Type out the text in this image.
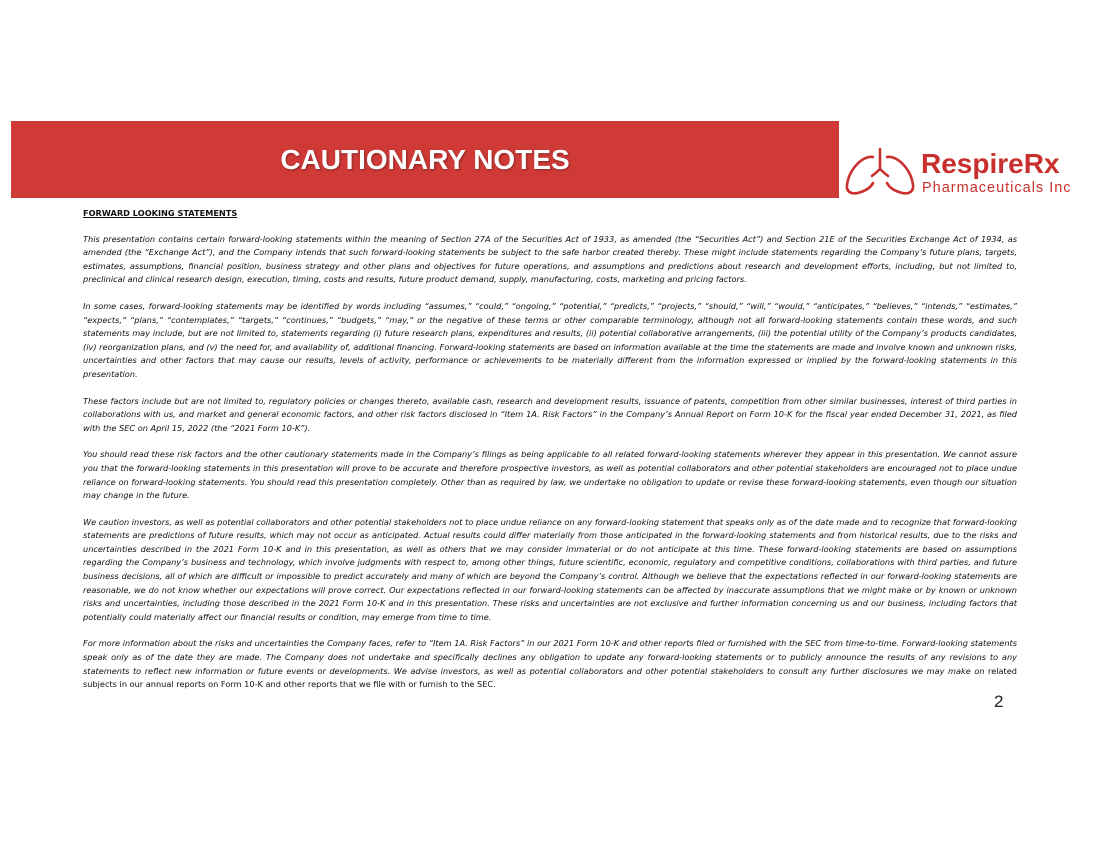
CAUTIONARY NOTES	RespireRx
Pharmaceuticals Inc
FORWARD LOOKING STATEMENTS

This presentation contains certain forward-looking statements within the meaning of Section 27A of the Securities Act of 1933, as amended (the “Securities Act”) and Section 21E of the Securities Exchange Act of 1934, as amended (the “Exchange Act”), and the Company intends that such forward-looking statements be subject to the safe harbor created thereby. These might include statements regarding the Company’s future plans, targets, estimates, assumptions, financial position, business strategy and other plans and objectives for future operations, and assumptions and predictions about research and development efforts, including, but not limited to, preclinical and clinical research design, execution, timing, costs and results, future product demand, supply, manufacturing, costs, marketing and pricing factors.

In some cases, forward-looking statements may be identified by words including “assumes,” “could,” “ongoing,” “potential,” “predicts,” “projects,” “should,” “will,” “would,” “anticipates,” “believes,” “intends,” “estimates,” “expects,” “plans,” “contemplates,” “targets,” “continues,” “budgets,” “may,” or the negative of these terms or other comparable terminology, although not all forward-looking statements contain these words, and such statements may include, but are not limited to, statements regarding (i) future research plans, expenditures and results, (ii) potential collaborative arrangements, (iii) the potential utility of the Company’s products candidates, (iv) reorganization plans, and (v) the need for, and availability of, additional financing. Forward-looking statements are based on information available at the time the statements are made and involve known and unknown risks, uncertainties and other factors that may cause our results, levels of activity, performance or achievements to be materially different from the information expressed or implied by the forward-looking statements in this presentation.

These factors include but are not limited to, regulatory policies or changes thereto, available cash, research and development results, issuance of patents, competition from other similar businesses, interest of third parties in collaborations with us, and market and general economic factors, and other risk factors disclosed in “Item 1A. Risk Factors” in the Company’s Annual Report on Form 10-K for the fiscal year ended December 31, 2021, as filed with the SEC on April 15, 2022 (the “2021 Form 10-K”).

You should read these risk factors and the other cautionary statements made in the Company’s filings as being applicable to all related forward-looking statements wherever they appear in this presentation. We cannot assure you that the forward-looking statements in this presentation will prove to be accurate and therefore prospective investors, as well as potential collaborators and other potential stakeholders are encouraged not to place undue reliance on forward-looking statements. You should read this presentation completely. Other than as required by law, we undertake no obligation to update or revise these forward-looking statements, even though our situation may change in the future.

We caution investors, as well as potential collaborators and other potential stakeholders not to place undue reliance on any forward-looking statement that speaks only as of the date made and to recognize that forward-looking statements are predictions of future results, which may not occur as anticipated. Actual results could differ materially from those anticipated in the forward-looking statements and from historical results, due to the risks and uncertainties described in the 2021 Form 10-K and in this presentation, as well as others that we may consider immaterial or do not anticipate at this time. These forward-looking statements are based on assumptions regarding the Company’s business and technology, which involve judgments with respect to, among other things, future scientific, economic, regulatory and competitive conditions, collaborations with third parties, and future business decisions, all of which are difficult or impossible to predict accurately and many of which are beyond the Company’s control. Although we believe that the expectations reflected in our forward-looking statements are reasonable, we do not know whether our expectations will prove correct. Our expectations reflected in our forward-looking statements can be affected by inaccurate assumptions that we might make or by known or unknown risks and uncertainties, including those described in the 2021 Form 10-K and in this presentation. These risks and uncertainties are not exclusive and further information concerning us and our business, including factors that potentially could materially affect our financial results or condition, may emerge from time to time.

For more information about the risks and uncertainties the Company faces, refer to “Item 1A. Risk Factors” in our 2021 Form 10-K and other reports filed or furnished with the SEC from time-to-time. Forward-looking statements speak only as of the date they are made. The Company does not undertake and specifically declines any obligation to update any forward-looking statements or to publicly announce the results of any revisions to any statements to reflect new information or future events or developments. We advise investors, as well as potential collaborators and other potential stakeholders to consult any further disclosures we may make on related subjects in our annual reports on Form 10-K and other reports that we file with or furnish to the SEC.

2
